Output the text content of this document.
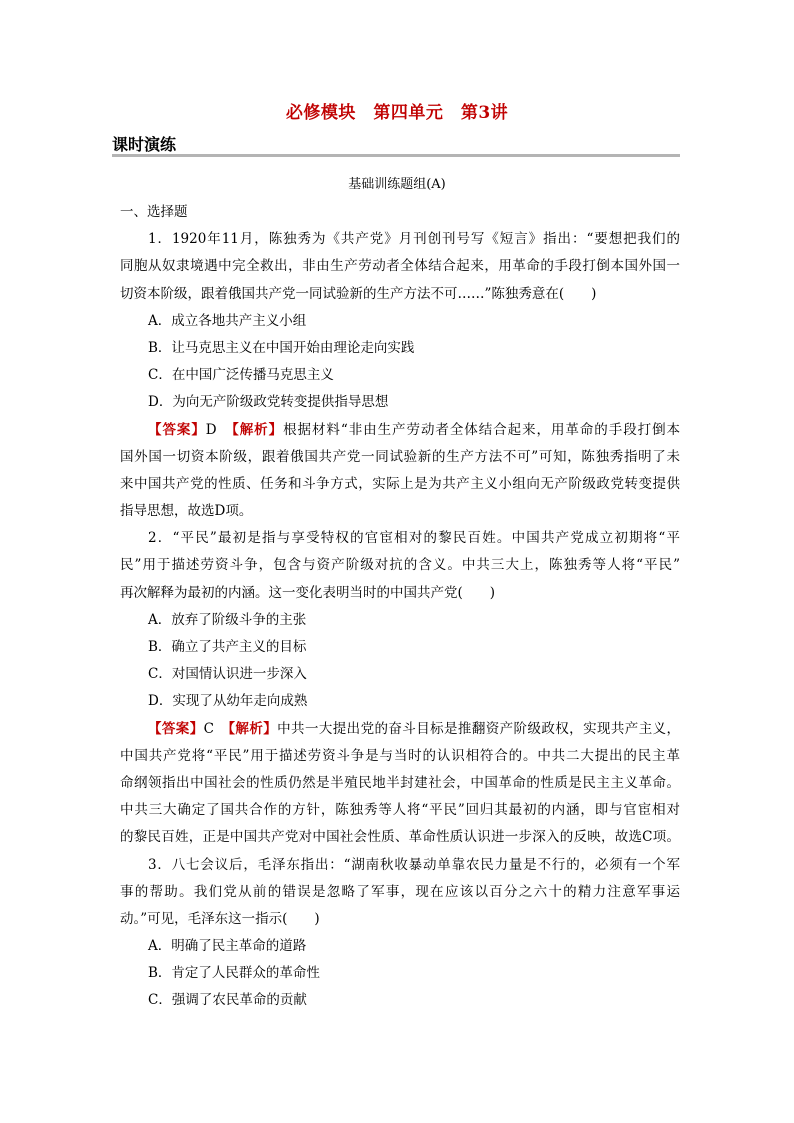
必修模块　第四单元　第3讲
课时演练
基础训练题组(A)
一、选择题
1．1920年11月，陈独秀为《共产党》月刊创刊号写《短言》指出：“要想把我们的
同胞从奴隶境遇中完全救出，非由生产劳动者全体结合起来，用革命的手段打倒本国外国一
切资本阶级，跟着俄国共产党一同试验新的生产方法不可……”陈独秀意在(　　)
A．成立各地共产主义小组
B．让马克思主义在中国开始由理论走向实践
C．在中国广泛传播马克思主义
D．为向无产阶级政党转变提供指导思想
【答案】D　 【解析】根据材料“非由生产劳动者全体结合起来，用革命的手段打倒本
国外国一切资本阶级，跟着俄国共产党一同试验新的生产方法不可”可知，陈独秀指明了未
来中国共产党的性质、任务和斗争方式，实际上是为共产主义小组向无产阶级政党转变提供
指导思想，故选D项。
2．“平民”最初是指与享受特权的官宦相对的黎民百姓。中国共产党成立初期将“平
民”用于描述劳资斗争，包含与资产阶级对抗的含义。中共三大上，陈独秀等人将“平民”
再次解释为最初的内涵。这一变化表明当时的中国共产党(　　)
A．放弃了阶级斗争的主张
B．确立了共产主义的目标
C．对国情认识进一步深入
D．实现了从幼年走向成熟
【答案】C　 【解析】中共一大提出党的奋斗目标是推翻资产阶级政权，实现共产主义，
中国共产党将“平民”用于描述劳资斗争是与当时的认识相符合的。中共二大提出的民主革
命纲领指出中国社会的性质仍然是半殖民地半封建社会，中国革命的性质是民主主义革命。
中共三大确定了国共合作的方针，陈独秀等人将“平民”回归其最初的内涵，即与官宦相对
的黎民百姓，正是中国共产党对中国社会性质、革命性质认识进一步深入的反映，故选C项。
3．八七会议后，毛泽东指出：“湖南秋收暴动单靠农民力量是不行的，必须有一个军
事的帮助。我们党从前的错误是忽略了军事，现在应该以百分之六十的精力注意军事运
动。”可见，毛泽东这一指示(　　)
A．明确了民主革命的道路
B．肯定了人民群众的革命性
C．强调了农民革命的贡献
